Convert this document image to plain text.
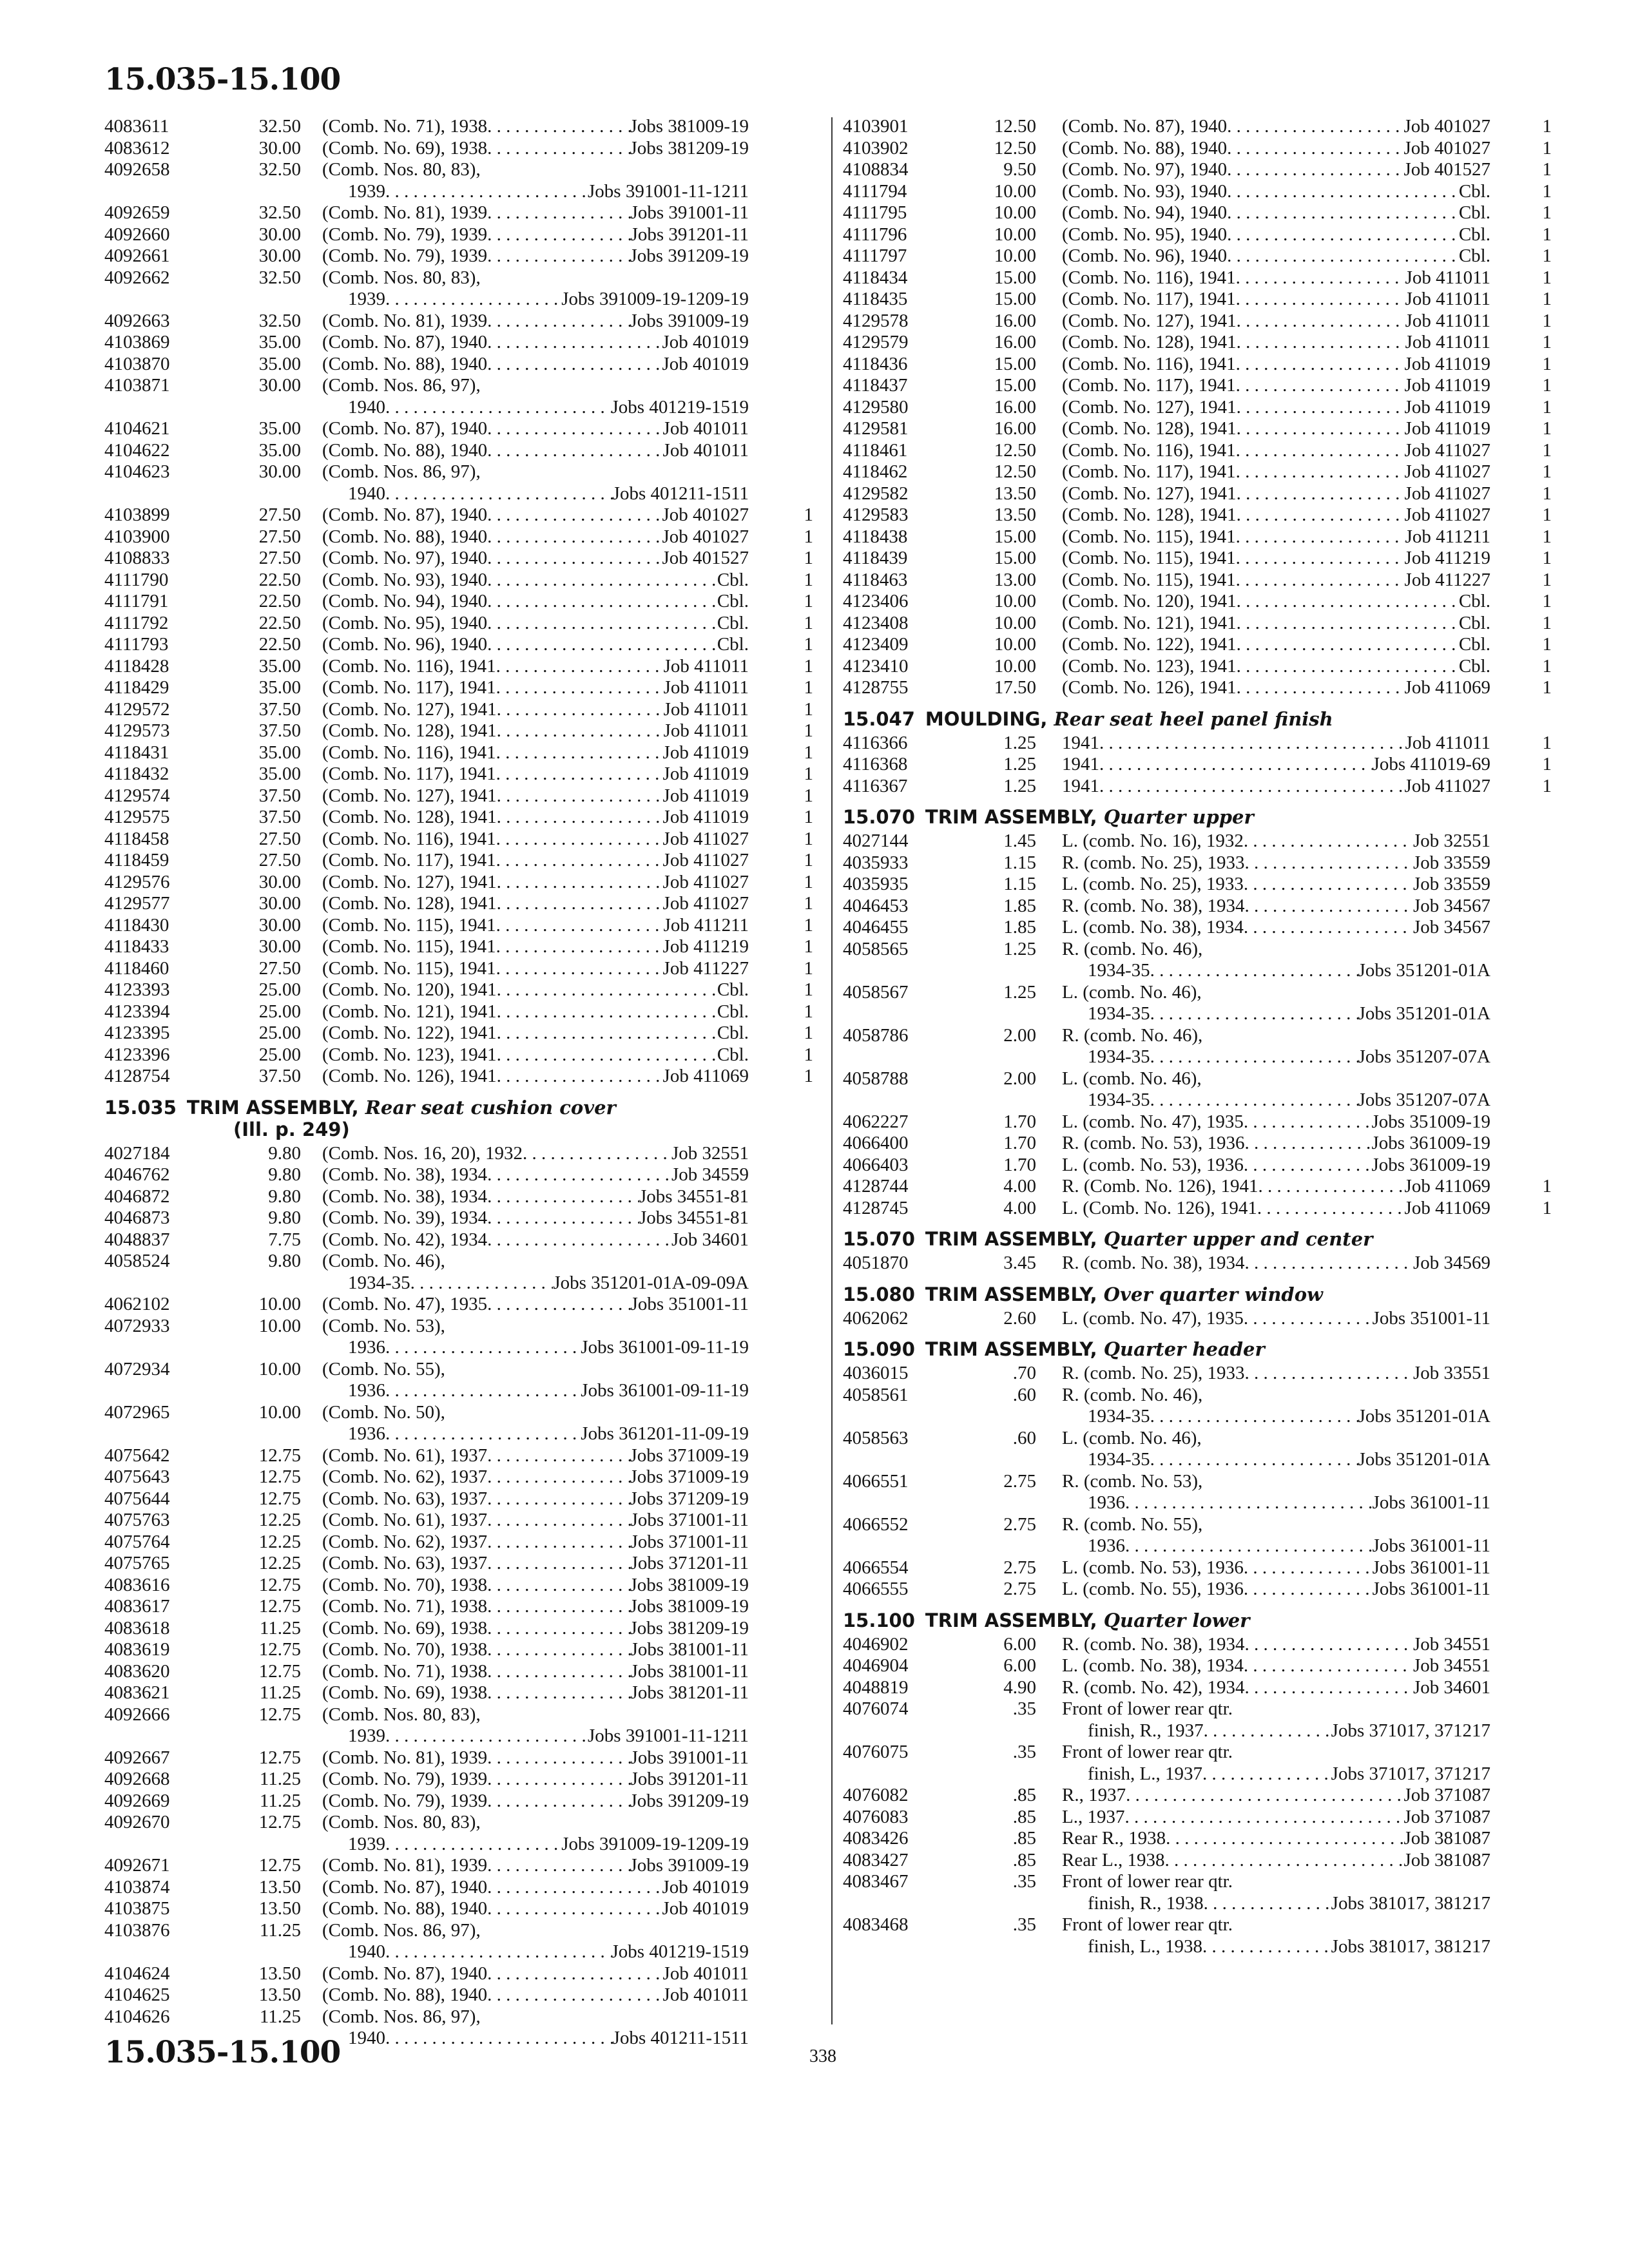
15.035-15.100
4083611	32.50 (Comb. No. 71), 1938 . . .	Jobs 381009-19
4083612	30.00 (Comb. No. 69), 1938 . . .	Jobs 381209-19
4092658	32.50 (Comb. Nos. 80, 83),
1939 . . .	Jobs 391001-11-1211
4092659	32.50 (Comb. No. 81), 1939 . . .	Jobs 391001-11
4092660	30.00 (Comb. No. 79), 1939 . . .	Jobs 391201-11
4092661	30.00 (Comb. No. 79), 1939 . . .	Jobs 391209-19
4092662	32.50 (Comb. Nos. 80, 83),
1939 . . .	Jobs 391009-19-1209-19
4092663	32.50 (Comb. No. 81), 1939 . . .	Jobs 391009-19
4103869	35.00 (Comb. No. 87), 1940 . . .	Job 401019
4103870	35.00 (Comb. No. 88), 1940 . . .	Job 401019
4103871	30.00 (Comb. Nos. 86, 97),
1940 . . .	Jobs 401219-1519
4104621	35.00 (Comb. No. 87), 1940 . . .	Job 401011
4104622	35.00 (Comb. No. 88), 1940 . . .	Job 401011
4104623	30.00 (Comb. Nos. 86, 97),
1940 . . .	Jobs 401211-1511
4103899	27.50 (Comb. No. 87), 1940 . . .	Job 401027	1
4103900	27.50 (Comb. No. 88), 1940 . . .	Job 401027	1
4108833	27.50 (Comb. No. 97), 1940 . . .	Job 401527	1
4111790	22.50 (Comb. No. 93), 1940 . . .	Cbl.	1
4111791	22.50 (Comb. No. 94), 1940 . . .	Cbl.	1
4111792	22.50 (Comb. No. 95), 1940 . . .	Cbl.	1
4111793	22.50 (Comb. No. 96), 1940 . . .	Cbl.	1
4118428	35.00 (Comb. No. 116), 1941 . . .	Job 411011	1
4118429	35.00 (Comb. No. 117), 1941 . . .	Job 411011	1
4129572	37.50 (Comb. No. 127), 1941 . . .	Job 411011	1
4129573	37.50 (Comb. No. 128), 1941 . . .	Job 411011	1
4118431	35.00 (Comb. No. 116), 1941 . . .	Job 411019	1
4118432	35.00 (Comb. No. 117), 1941 . . .	Job 411019	1
4129574	37.50 (Comb. No. 127), 1941 . . .	Job 411019	1
4129575	37.50 (Comb. No. 128), 1941 . . .	Job 411019	1
4118458	27.50 (Comb. No. 116), 1941 . . .	Job 411027	1
4118459	27.50 (Comb. No. 117), 1941 . . .	Job 411027	1
4129576	30.00 (Comb. No. 127), 1941 . . .	Job 411027	1
4129577	30.00 (Comb. No. 128), 1941 . . .	Job 411027	1
4118430	30.00 (Comb. No. 115), 1941 . . .	Job 411211	1
4118433	30.00 (Comb. No. 115), 1941 . . .	Job 411219	1
4118460	27.50 (Comb. No. 115), 1941 . . .	Job 411227	1
4123393	25.00 (Comb. No. 120), 1941 . . .	Cbl.	1
4123394	25.00 (Comb. No. 121), 1941 . . .	Cbl.	1
4123395	25.00 (Comb. No. 122), 1941 . . .	Cbl.	1
4123396	25.00 (Comb. No. 123), 1941 . . .	Cbl.	1
4128754	37.50 (Comb. No. 126), 1941 . . .	Job 411069	1
15.035 TRIM ASSEMBLY, Rear seat cushion cover
(Ill. p. 249)
4027184	9.80 (Comb. Nos. 16, 20), 1932 . . .	Job 32551
4046762	9.80 (Comb. No. 38), 1934 . . .	Job 34559
4046872	9.80 (Comb. No. 38), 1934 . . .	Jobs 34551-81
4046873	9.80 (Comb. No. 39), 1934 . . .	Jobs 34551-81
4048837	7.75 (Comb. No. 42), 1934 . . .	Job 34601
4058524	9.80 (Comb. No. 46),
1934-35 . . .	Jobs 351201-01A-09-09A
4062102	10.00 (Comb. No. 47), 1935 . . .	Jobs 351001-11
4072933	10.00 (Comb. No. 53),
1936 . . .	Jobs 361001-09-11-19
4072934	10.00 (Comb. No. 55),
1936 . . .	Jobs 361001-09-11-19
4072965	10.00 (Comb. No. 50),
1936 . . .	Jobs 361201-11-09-19
4075642	12.75 (Comb. No. 61), 1937 . . .	Jobs 371009-19
4075643	12.75 (Comb. No. 62), 1937 . . .	Jobs 371009-19
4075644	12.75 (Comb. No. 63), 1937 . . .	Jobs 371209-19
4075763	12.25 (Comb. No. 61), 1937 . . .	Jobs 371001-11
4075764	12.25 (Comb. No. 62), 1937 . . .	Jobs 371001-11
4075765	12.25 (Comb. No. 63), 1937 . . .	Jobs 371201-11
4083616	12.75 (Comb. No. 70), 1938 . . .	Jobs 381009-19
4083617	12.75 (Comb. No. 71), 1938 . . .	Jobs 381009-19
4083618	11.25 (Comb. No. 69), 1938 . . .	Jobs 381209-19
4083619	12.75 (Comb. No. 70), 1938 . . .	Jobs 381001-11
4083620	12.75 (Comb. No. 71), 1938 . . .	Jobs 381001-11
4083621	11.25 (Comb. No. 69), 1938 . . .	Jobs 381201-11
4092666	12.75 (Comb. Nos. 80, 83),
1939 . . .	Jobs 391001-11-1211
4092667	12.75 (Comb. No. 81), 1939 . . .	Jobs 391001-11
4092668	11.25 (Comb. No. 79), 1939 . . .	Jobs 391201-11
4092669	11.25 (Comb. No. 79), 1939 . . .	Jobs 391209-19
4092670	12.75 (Comb. Nos. 80, 83),
1939 . . .	Jobs 391009-19-1209-19
4092671	12.75 (Comb. No. 81), 1939 . . .	Jobs 391009-19
4103874	13.50 (Comb. No. 87), 1940 . . .	Job 401019
4103875	13.50 (Comb. No. 88), 1940 . . .	Job 401019
4103876	11.25 (Comb. Nos. 86, 97),
1940 . . .	Jobs 401219-1519
4104624	13.50 (Comb. No. 87), 1940 . . .	Job 401011
4104625	13.50 (Comb. No. 88), 1940 . . .	Job 401011
4104626	11.25 (Comb. Nos. 86, 97),
1940 . . .	Jobs 401211-1511
4103901	12.50 (Comb. No. 87), 1940 . . .	Job 401027	1
4103902	12.50 (Comb. No. 88), 1940 . . .	Job 401027	1
4108834	9.50 (Comb. No. 97), 1940 . . .	Job 401527	1
4111794	10.00 (Comb. No. 93), 1940 . . .	Cbl.	1
4111795	10.00 (Comb. No. 94), 1940 . . .	Cbl.	1
4111796	10.00 (Comb. No. 95), 1940 . . .	Cbl.	1
4111797	10.00 (Comb. No. 96), 1940 . . .	Cbl.	1
4118434	15.00 (Comb. No. 116), 1941 . . .	Job 411011	1
4118435	15.00 (Comb. No. 117), 1941 . . .	Job 411011	1
4129578	16.00 (Comb. No. 127), 1941 . . .	Job 411011	1
4129579	16.00 (Comb. No. 128), 1941 . . .	Job 411011	1
4118436	15.00 (Comb. No. 116), 1941 . . .	Job 411019	1
4118437	15.00 (Comb. No. 117), 1941 . . .	Job 411019	1
4129580	16.00 (Comb. No. 127), 1941 . . .	Job 411019	1
4129581	16.00 (Comb. No. 128), 1941 . . .	Job 411019	1
4118461	12.50 (Comb. No. 116), 1941 . . .	Job 411027	1
4118462	12.50 (Comb. No. 117), 1941 . . .	Job 411027	1
4129582	13.50 (Comb. No. 127), 1941 . . .	Job 411027	1
4129583	13.50 (Comb. No. 128), 1941 . . .	Job 411027	1
4118438	15.00 (Comb. No. 115), 1941 . . .	Job 411211	1
4118439	15.00 (Comb. No. 115), 1941 . . .	Job 411219	1
4118463	13.00 (Comb. No. 115), 1941 . . .	Job 411227	1
4123406	10.00 (Comb. No. 120), 1941 . . .	Cbl.	1
4123408	10.00 (Comb. No. 121), 1941 . . .	Cbl.	1
4123409	10.00 (Comb. No. 122), 1941 . . .	Cbl.	1
4123410	10.00 (Comb. No. 123), 1941 . . .	Cbl.	1
4128755	17.50 (Comb. No. 126), 1941 . . .	Job 411069	1
15.047 MOULDING, Rear seat heel panel finish
4116366	1.25 1941 . . .	Job 411011	1
4116368	1.25 1941 . . .	Jobs 411019-69	1
4116367	1.25 1941 . . .	Job 411027	1
15.070 TRIM ASSEMBLY, Quarter upper
4027144	1.45 L. (comb. No. 16), 1932 . . .	Job 32551
4035933	1.15 R. (comb. No. 25), 1933 . . .	Job 33559
4035935	1.15 L. (comb. No. 25), 1933 . . .	Job 33559
4046453	1.85 R. (comb. No. 38), 1934 . . .	Job 34567
4046455	1.85 L. (comb. No. 38), 1934 . . .	Job 34567
4058565	1.25 R. (comb. No. 46),
1934-35 . . .	Jobs 351201-01A
4058567	1.25 L. (comb. No. 46),
1934-35 . . .	Jobs 351201-01A
4058786	2.00 R. (comb. No. 46),
1934-35 . . .	Jobs 351207-07A
4058788	2.00 L. (comb. No. 46),
1934-35 . . .	Jobs 351207-07A
4062227	1.70 L. (comb. No. 47), 1935 . . .	Jobs 351009-19
4066400	1.70 R. (comb. No. 53), 1936 . . .	Jobs 361009-19
4066403	1.70 L. (comb. No. 53), 1936 . . .	Jobs 361009-19
4128744	4.00 R. (Comb. No. 126), 1941 . . .	Job 411069	1
4128745	4.00 L. (Comb. No. 126), 1941 . . .	Job 411069	1
15.070 TRIM ASSEMBLY, Quarter upper and center
4051870	3.45 R. (comb. No. 38), 1934 . . .	Job 34569
15.080 TRIM ASSEMBLY, Over quarter window
4062062	2.60 L. (comb. No. 47), 1935 . . .	Jobs 351001-11
15.090 TRIM ASSEMBLY, Quarter header
4036015	.70 R. (comb. No. 25), 1933 . . .	Job 33551
4058561	.60 R. (comb. No. 46),
1934-35 . . .	Jobs 351201-01A
4058563	.60 L. (comb. No. 46),
1934-35 . . .	Jobs 351201-01A
4066551	2.75 R. (comb. No. 53),
1936 . . .	Jobs 361001-11
4066552	2.75 R. (comb. No. 55),
1936 . . .	Jobs 361001-11
4066554	2.75 L. (comb. No. 53), 1936 . . .	Jobs 361001-11
4066555	2.75 L. (comb. No. 55), 1936 . . .	Jobs 361001-11
15.100 TRIM ASSEMBLY, Quarter lower
4046902	6.00 R. (comb. No. 38), 1934 . . .	Job 34551
4046904	6.00 L. (comb. No. 38), 1934 . . .	Job 34551
4048819	4.90 R. (comb. No. 42), 1934 . . .	Job 34601
4076074	.35 Front of lower rear qtr.
finish, R., 1937 . . .	Jobs 371017, 371217
4076075	.35 Front of lower rear qtr.
finish, L., 1937 . . .	Jobs 371017, 371217
4076082	.85 R., 1937 . . .	Job 371087
4076083	.85 L., 1937 . . .	Job 371087
4083426	.85 Rear R., 1938 . . .	Job 381087
4083427	.85 Rear L., 1938 . . .	Job 381087
4083467	.35 Front of lower rear qtr.
finish, R., 1938 . . .	Jobs 381017, 381217
4083468	.35 Front of lower rear qtr.
finish, L., 1938 . . .	Jobs 381017, 381217
15.035-15.100	338
